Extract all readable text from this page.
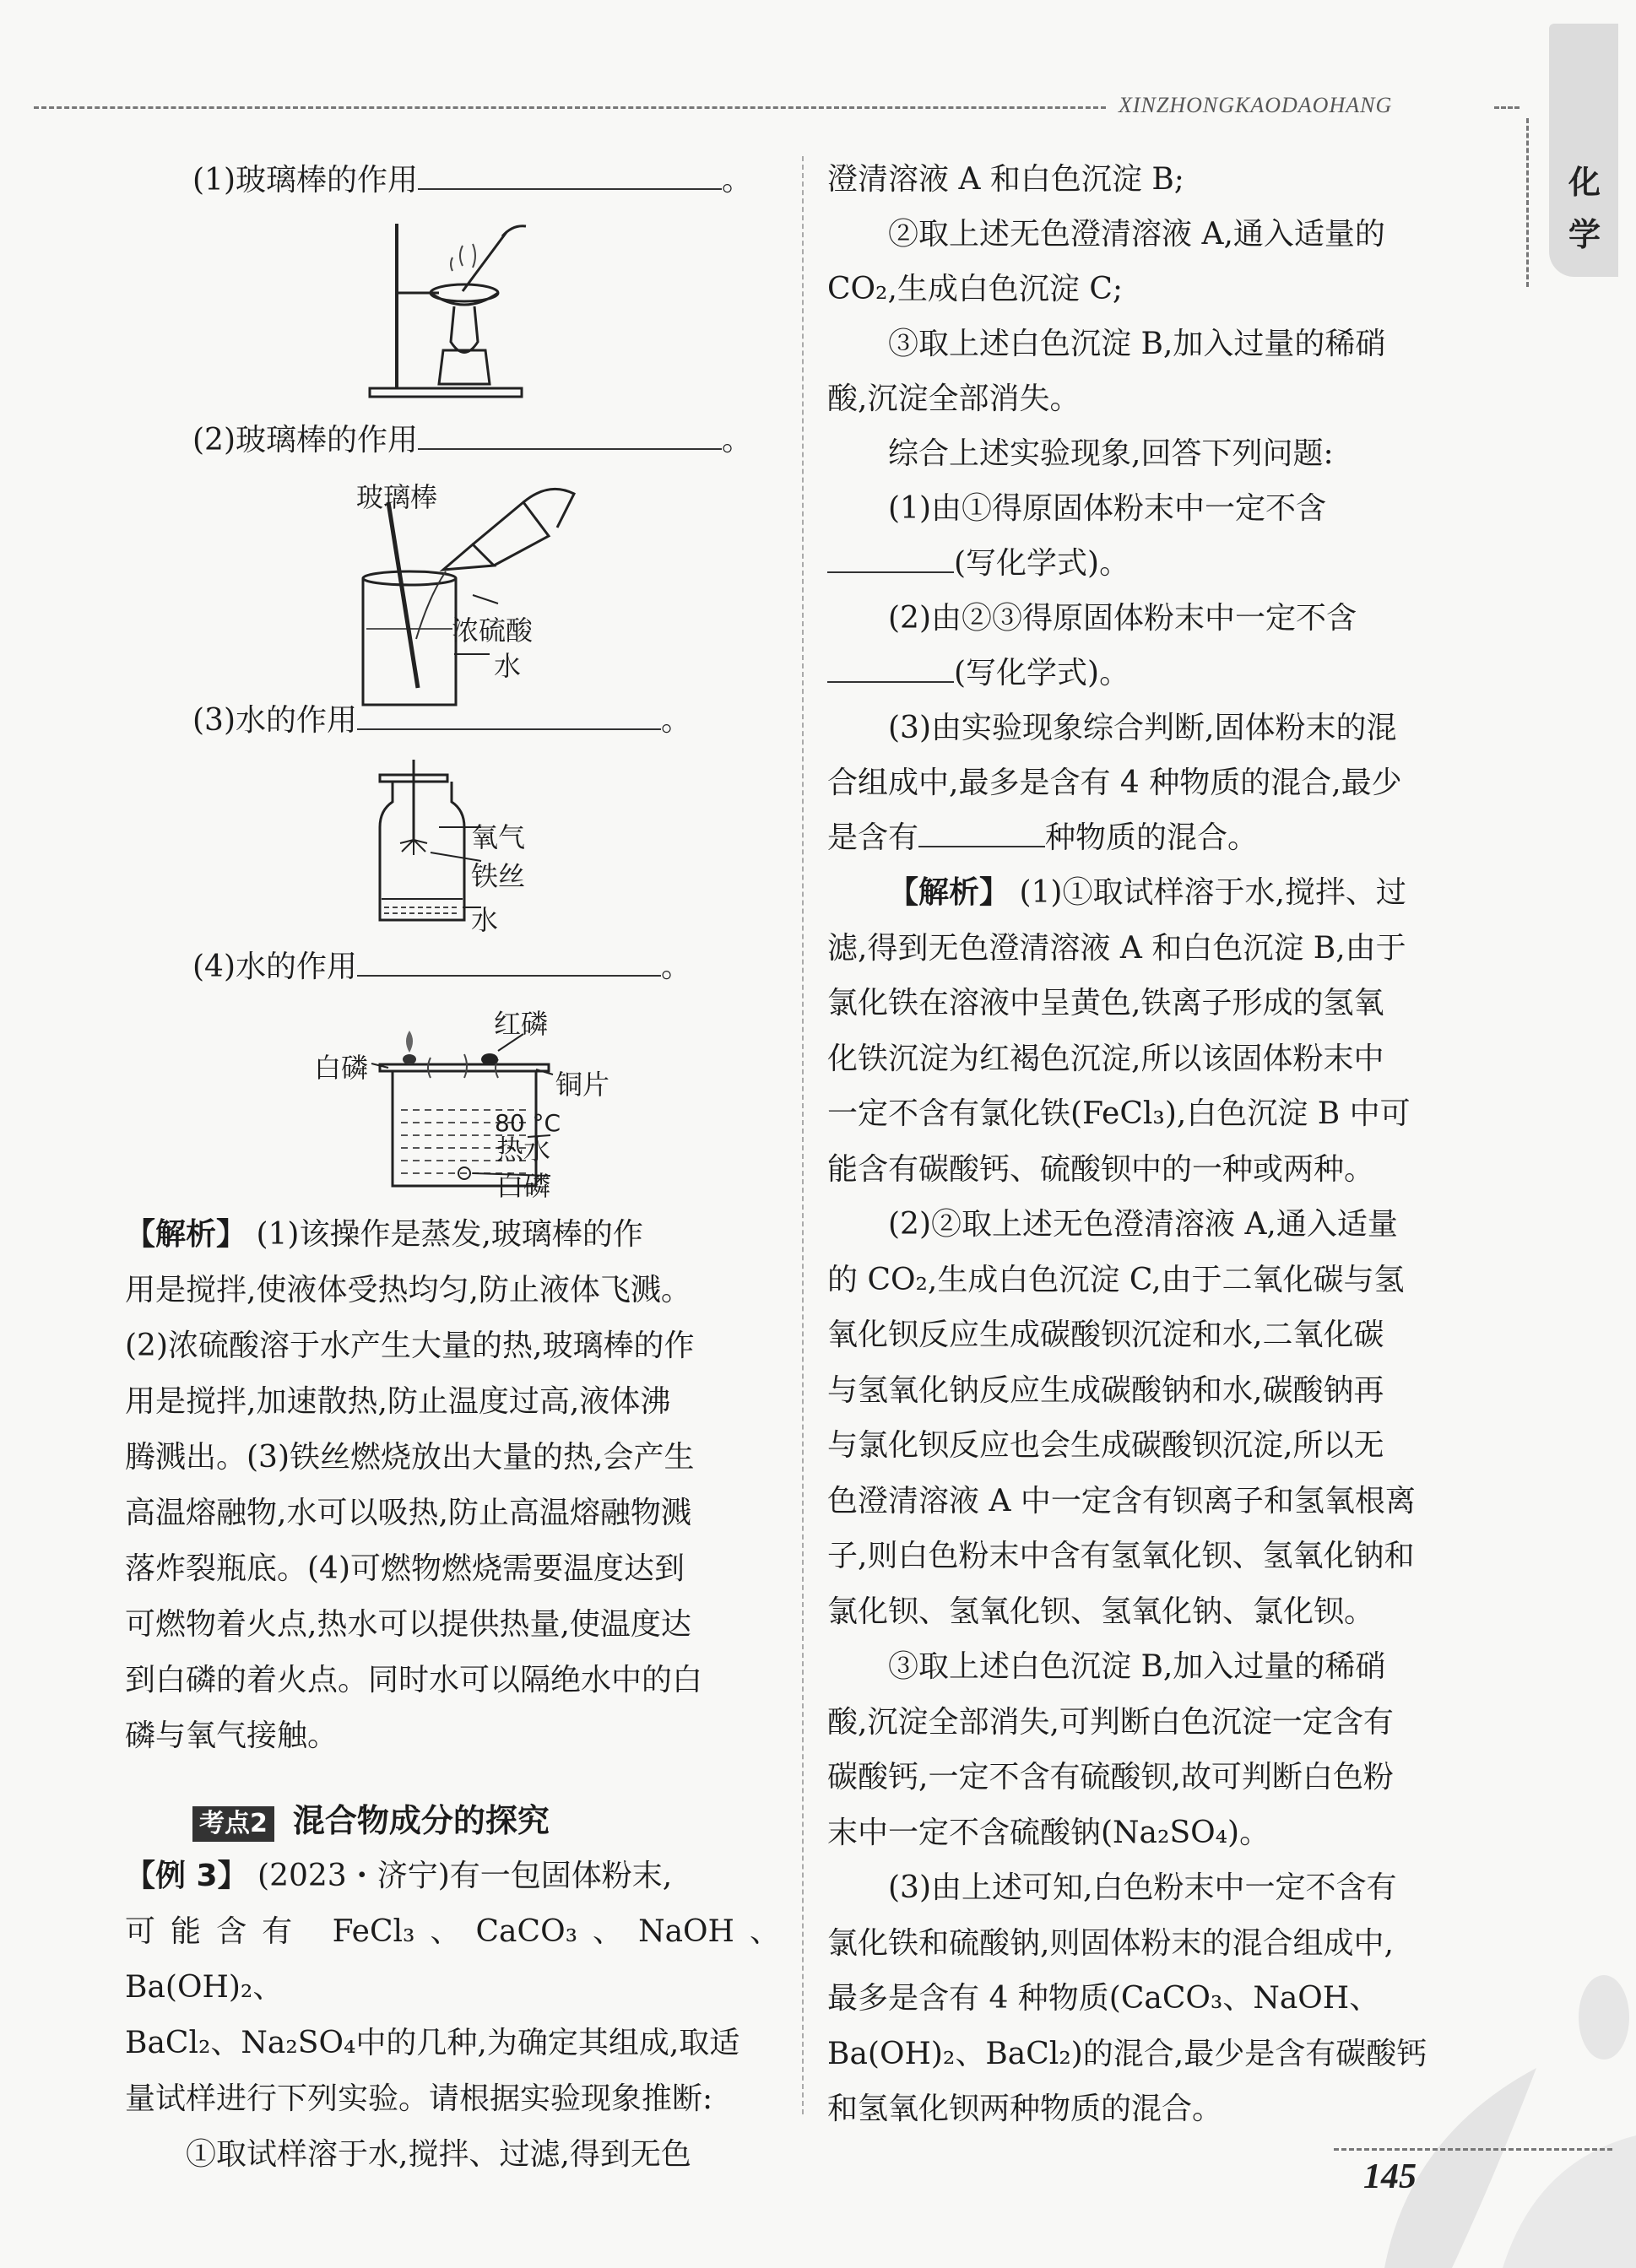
XINZHONGKAODAOHANG
化学
(1)玻璃棒的作用	。
(2)玻璃棒的作用	。
玻璃棒
浓硫酸
水
(3)水的作用	。
氧气
铁丝
水
(4)水的作用	。
红磷
白磷
铜片
80 °C
热水
白磷

【解析】 (1)该操作是蒸发,玻璃棒的作

用是搅拌,使液体受热均匀,防止液体飞溅。

(2)浓硫酸溶于水产生大量的热,玻璃棒的作

用是搅拌,加速散热,防止温度过高,液体沸

腾溅出。(3)铁丝燃烧放出大量的热,会产生

高温熔融物,水可以吸热,防止高温熔融物溅

落炸裂瓶底。(4)可燃物燃烧需要温度达到

可燃物着火点,热水可以提供热量,使温度达

到白磷的着火点。同时水可以隔绝水中的白

磷与氧气接触。

考点2 混合物成分的探究

【例 3】 (2023・济宁)有一包固体粉末,

可能含有 FeCl₃、CaCO₃、NaOH、Ba(OH)₂、

BaCl₂、Na₂SO₄中的几种,为确定其组成,取适

量试样进行下列实验。请根据实验现象推断:

①取试样溶于水,搅拌、过滤,得到无色

澄清溶液 A 和白色沉淀 B;

②取上述无色澄清溶液 A,通入适量的

CO₂,生成白色沉淀 C;

③取上述白色沉淀 B,加入过量的稀硝

酸,沉淀全部消失。

综合上述实验现象,回答下列问题:

(1)由①得原固体粉末中一定不含

(写化学式)。

(2)由②③得原固体粉末中一定不含

(写化学式)。

(3)由实验现象综合判断,固体粉末的混

合组成中,最多是含有 4 种物质的混合,最少

是含有	种物质的混合。

【解析】 (1)①取试样溶于水,搅拌、过

滤,得到无色澄清溶液 A 和白色沉淀 B,由于

氯化铁在溶液中呈黄色,铁离子形成的氢氧

化铁沉淀为红褐色沉淀,所以该固体粉末中

一定不含有氯化铁(FeCl₃),白色沉淀 B 中可

能含有碳酸钙、硫酸钡中的一种或两种。

(2)②取上述无色澄清溶液 A,通入适量

的 CO₂,生成白色沉淀 C,由于二氧化碳与氢

氧化钡反应生成碳酸钡沉淀和水,二氧化碳

与氢氧化钠反应生成碳酸钠和水,碳酸钠再

与氯化钡反应也会生成碳酸钡沉淀,所以无

色澄清溶液 A 中一定含有钡离子和氢氧根离

子,则白色粉末中含有氢氧化钡、氢氧化钠和

氯化钡、氢氧化钡、氢氧化钠、氯化钡。

③取上述白色沉淀 B,加入过量的稀硝

酸,沉淀全部消失,可判断白色沉淀一定含有

碳酸钙,一定不含有硫酸钡,故可判断白色粉

末中一定不含硫酸钠(Na₂SO₄)。

(3)由上述可知,白色粉末中一定不含有

氯化铁和硫酸钠,则固体粉末的混合组成中,

最多是含有 4 种物质(CaCO₃、NaOH、

Ba(OH)₂、BaCl₂)的混合,最少是含有碳酸钙

和氢氧化钡两种物质的混合。

145
